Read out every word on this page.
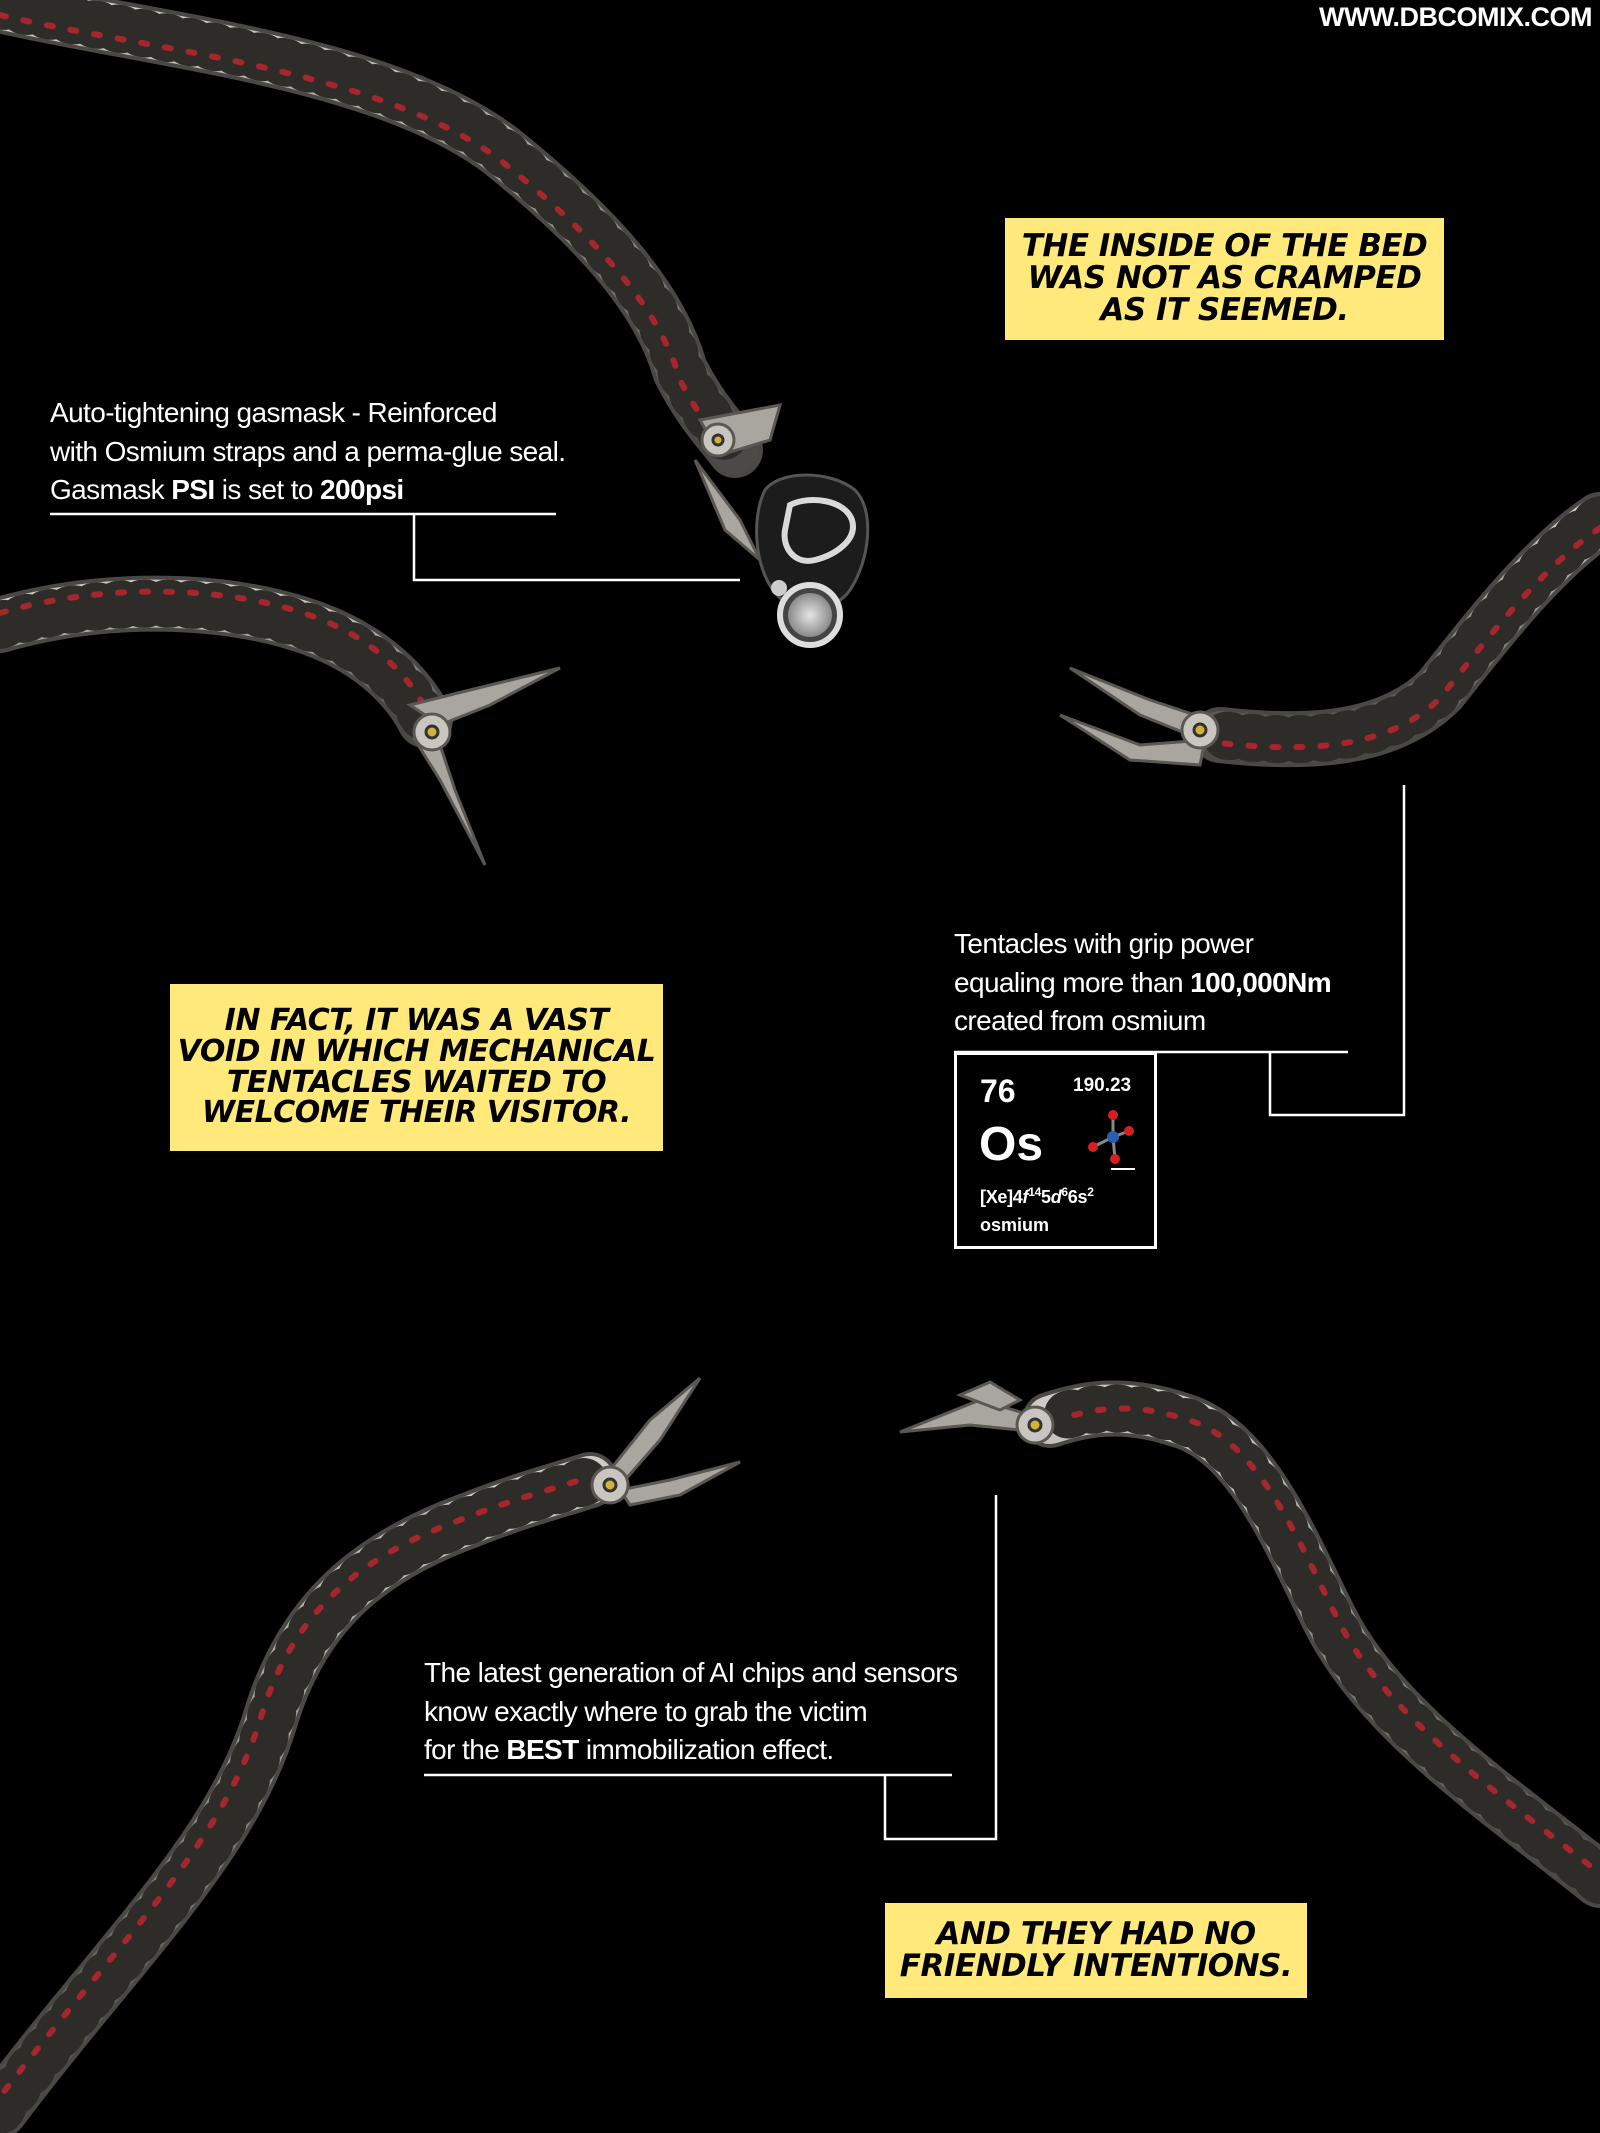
WWW.DBCOMIX.COM
THE INSIDE OF THE BED
WAS NOT AS CRAMPED
AS IT SEEMED.
IN FACT, IT WAS A VAST
VOID IN WHICH MECHANICAL
TENTACLES WAITED TO
WELCOME THEIR VISITOR.
AND THEY HAD NO
FRIENDLY INTENTIONS.
Auto-tightening gasmask - Reinforced
with Osmium straps and a perma-glue seal.
Gasmask PSI is set to 200psi
Tentacles with grip power
equaling more than 100,000Nm
created from osmium
The latest generation of AI chips and sensors
know exactly where to grab the victim
for the BEST immobilization effect.
76	190.23
Os
$[Xe]4f^{14}5d^66s^2$
osmium
